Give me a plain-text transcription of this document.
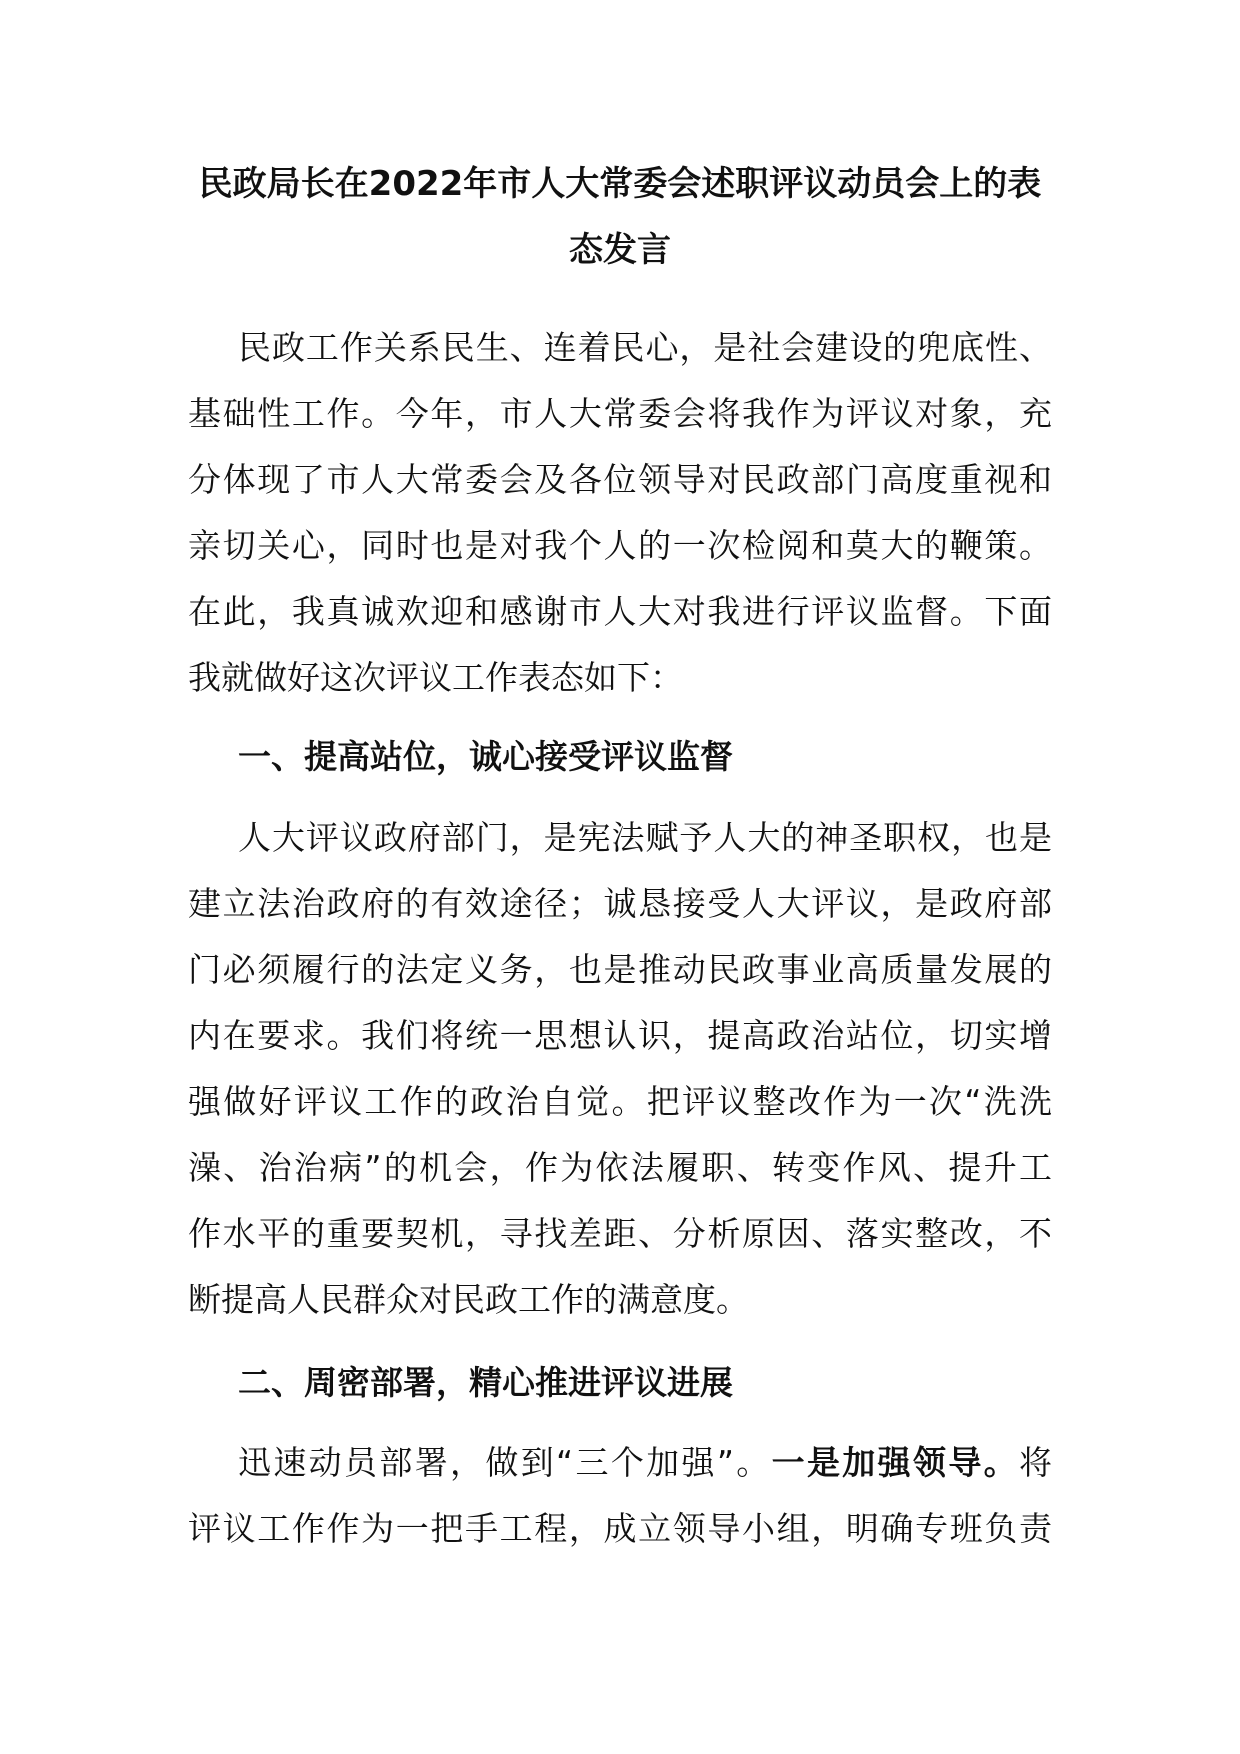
民政局长在2022年市人大常委会述职评议动员会上的表
态发言
民政工作关系民生、连着民心，是社会建设的兜底性、
基础性工作。今年，市人大常委会将我作为评议对象，充
分体现了市人大常委会及各位领导对民政部门高度重视和
亲切关心，同时也是对我个人的一次检阅和莫大的鞭策。
在此，我真诚欢迎和感谢市人大对我进行评议监督。下面
我就做好这次评议工作表态如下：
一、提高站位，诚心接受评议监督
人大评议政府部门，是宪法赋予人大的神圣职权，也是
建立法治政府的有效途径；诚恳接受人大评议，是政府部
门必须履行的法定义务，也是推动民政事业高质量发展的
内在要求。我们将统一思想认识，提高政治站位，切实增
强做好评议工作的政治自觉。把评议整改作为一次“洗洗
澡、治治病”的机会，作为依法履职、转变作风、提升工
作水平的重要契机，寻找差距、分析原因、落实整改，不
断提高人民群众对民政工作的满意度。
二、周密部署，精心推进评议进展
迅速动员部署，做到“三个加强”。一是加强领导。将
评议工作作为一把手工程，成立领导小组，明确专班负责
